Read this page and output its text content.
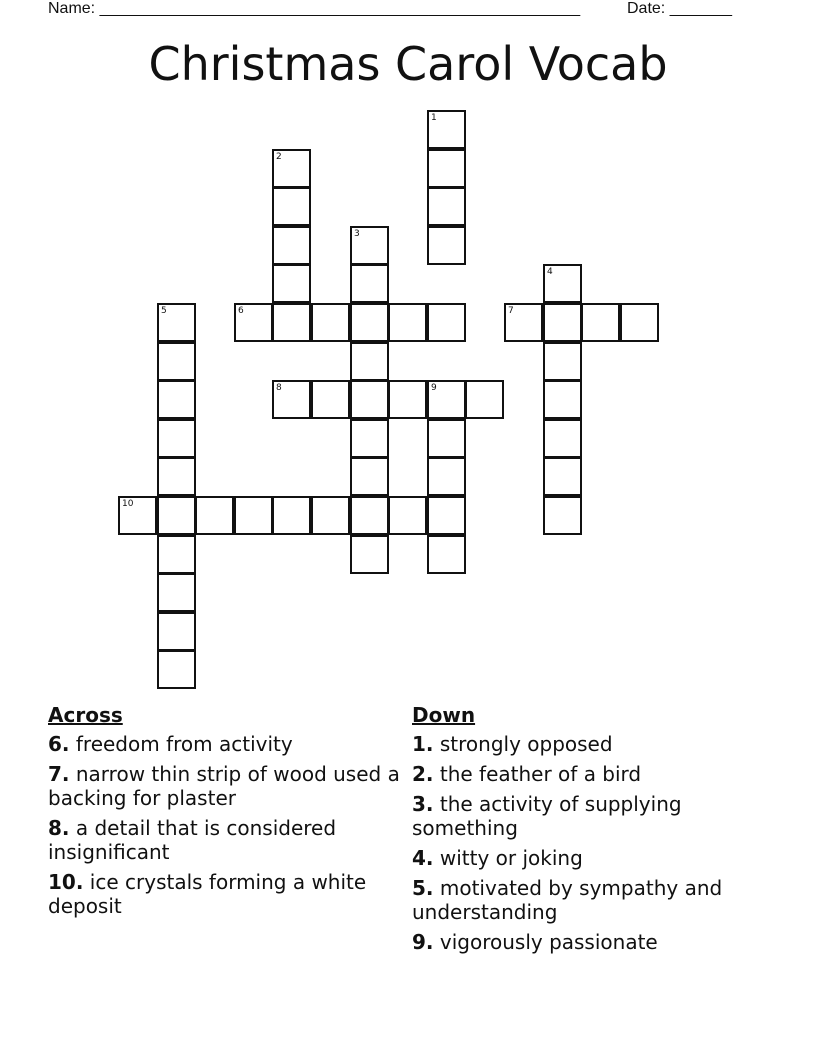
Name: ______________________________________________________	Date: _______
Christmas Carol Vocab
1
2
3
4
5	6	7
8	9
10
Across
6. freedom from activity
7. narrow thin strip of wood used a backing for plaster
8. a detail that is considered insignificant
10. ice crystals forming a white deposit
Down
1. strongly opposed
2. the feather of a bird
3. the activity of supplying something
4. witty or joking
5. motivated by sympathy and understanding
9. vigorously passionate
